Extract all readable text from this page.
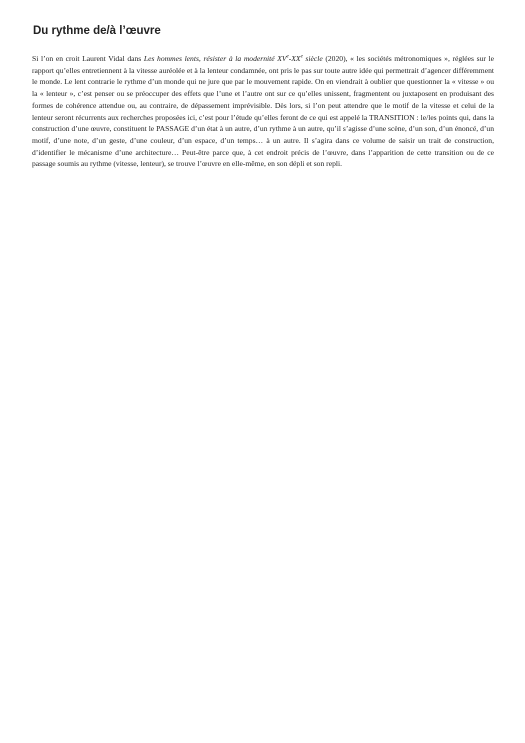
Du rythme de/à l’œuvre

Si l’on en croit Laurent Vidal dans Les hommes lents, résister à la modernité XVe-XXe siècle (2020), « les sociétés métronomiques », réglées sur le rapport qu’elles entretiennent à la vitesse auréolée et à la lenteur condamnée, ont pris le pas sur toute autre idée qui permettrait d’agencer différemment le monde. Le lent contrarie le rythme d’un monde qui ne jure que par le mouvement rapide. On en viendrait à oublier que questionner la « vitesse » ou la « lenteur », c’est penser ou se préoccuper des effets que l’une et l’autre ont sur ce qu’elles unissent, fragmentent ou juxtaposent en produisant des formes de cohérence attendue ou, au contraire, de dépassement imprévisible. Dès lors, si l’on peut attendre que le motif de la vitesse et celui de la lenteur seront récurrents aux recherches proposées ici, c’est pour l’étude qu’elles feront de ce qui est appelé la TRANSITION : le/les points qui, dans la construction d’une œuvre, constituent le PASSAGE d’un état à un autre, d’un rythme à un autre, qu’il s’agisse d’une scène, d’un son, d’un énoncé, d’un motif, d’une note, d’un geste, d’une couleur, d’un espace, d’un temps… à un autre. Il s’agira dans ce volume de saisir un trait de construction, d’identifier le mécanisme d’une architecture… Peut-être parce que, à cet endroit précis de l’œuvre, dans l’apparition de cette transition ou de ce passage soumis au rythme (vitesse, lenteur), se trouve l’œuvre en elle-même, en son dépli et son repli.
